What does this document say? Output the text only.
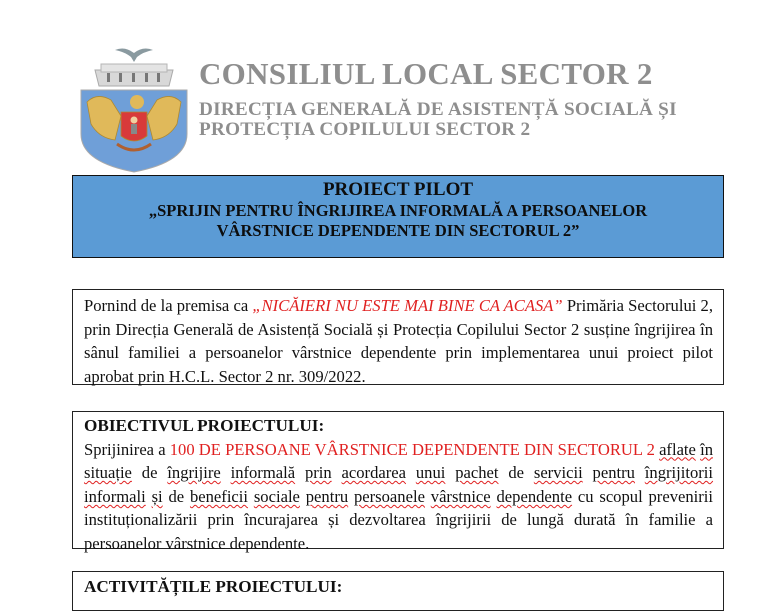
CONSILIUL LOCAL SECTOR 2
DIRECȚIA GENERALĂ DE ASISTENȚĂ SOCIALĂ ȘI
PROTECȚIA COPILULUI SECTOR 2
PROIECT PILOT
„SPRIJIN PENTRU ÎNGRIJIREA INFORMALĂ A PERSOANELOR
VÂRSTNICE DEPENDENTE DIN SECTORUL 2”
Pornind de la premisa ca „NICĂIERI NU ESTE MAI BINE CA ACASA” Primăria Sectorului 2, prin Direcția Generală de Asistență Socială și Protecția Copilului Sector 2 susține îngrijirea în sânul familiei a persoanelor vârstnice dependente prin implementarea unui proiect pilot aprobat prin H.C.L. Sector 2 nr. 309/2022.
OBIECTIVUL PROIECTULUI:
Sprijinirea a 100 DE PERSOANE VÂRSTNICE DEPENDENTE DIN SECTORUL 2 aflate în situație de îngrijire informală prin acordarea unui pachet de servicii pentru îngrijitorii informali și de beneficii sociale pentru persoanele vârstnice dependente cu scopul prevenirii instituționalizării prin încurajarea și dezvoltarea îngrijirii de lungă durată în familie a persoanelor vârstnice dependente.
ACTIVITĂȚILE PROIECTULUI:
